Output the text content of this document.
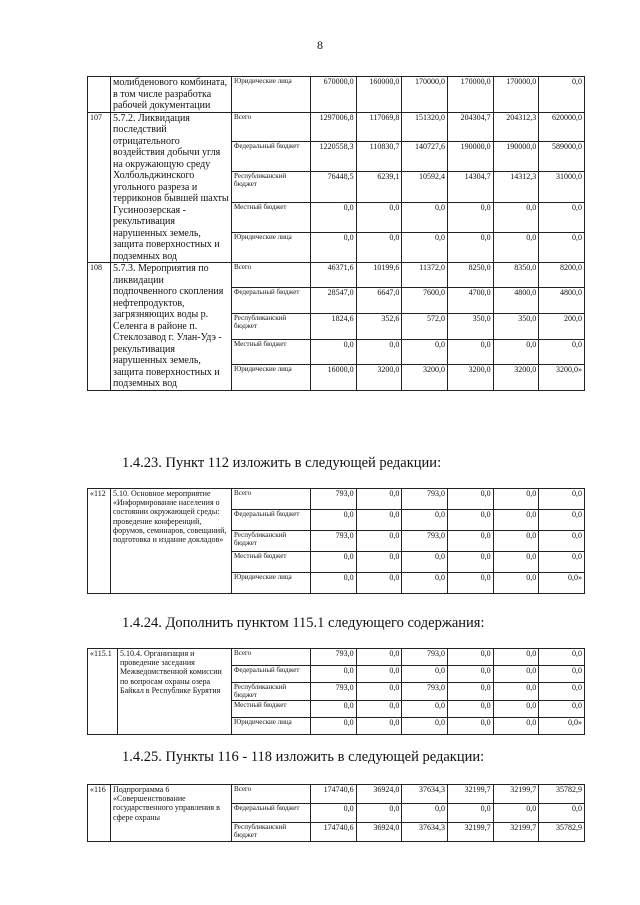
8
	молибденового комбината, в том числе разработка рабочей документации	Юридические лица	670000,0	160000,0	170000,0	170000,0	170000,0	0,0
107	5.7.2. Ликвидация последствий отрицательного воздействия добычи угля на окружающую среду Холбольджинского угольного разреза и терриконов бывшей шахты Гусиноозерская - рекультивация нарушенных земель, защита поверхностных и подземных вод	Всего	1297006,8	117069,8	151320,0	204304,7	204312,3	620000,0
		Федеральный бюджет	1220558,3	110830,7	140727,6	190000,0	190000,0	589000,0
		Республиканский бюджет	76448,5	6239,1	10592,4	14304,7	14312,3	31000,0
		Местный бюджет	0,0	0,0	0,0	0,0	0,0	0,0
		Юридические лица	0,0	0,0	0,0	0,0	0,0	0,0
108	5.7.3. Мероприятия по ликвидации подпочвенного скопления нефтепродуктов, загрязняющих воды р. Селенга в районе п. Стеклозавод г. Улан-Удэ - рекультивация нарушенных земель, защита поверхностных и подземных вод	Всего	46371,6	10199,6	11372,0	8250,0	8350,0	8200,0
		Федеральный бюджет	28547,0	6647,0	7600,0	4700,0	4800,0	4800,0
		Республиканский бюджет	1824,6	352,6	572,0	350,0	350,0	200,0
		Местный бюджет	0,0	0,0	0,0	0,0	0,0	0,0
		Юридические лица	16000,0	3200,0	3200,0	3200,0	3200,0	3200,0»
1.4.23. Пункт 112 изложить в следующей редакции:
«112	5.10. Основное мероприятие «Информирование населения о состоянии окружающей среды: проведение конференций, форумов, семинаров, совещаний, подготовка и издание докладов»	Всего	793,0	0,0	793,0	0,0	0,0	0,0
		Федеральный бюджет	0,0	0,0	0,0	0,0	0,0	0,0
		Республиканский бюджет	793,0	0,0	793,0	0,0	0,0	0,0
		Местный бюджет	0,0	0,0	0,0	0,0	0,0	0,0
		Юридические лица	0,0	0,0	0,0	0,0	0,0	0,0»
1.4.24. Дополнить пунктом 115.1 следующего содержания:
«115.1	5.10.4. Организация и проведение заседания Межведомственной комиссии по вопросам охраны озера Байкал в Республике Бурятия	Всего	793,0	0,0	793,0	0,0	0,0	0,0
		Федеральный бюджет	0,0	0,0	0,0	0,0	0,0	0,0
		Республиканский бюджет	793,0	0,0	793,0	0,0	0,0	0,0
		Местный бюджет	0,0	0,0	0,0	0,0	0,0	0,0
		Юридические лица	0,0	0,0	0,0	0,0	0,0	0,0»
1.4.25. Пункты 116 - 118 изложить в следующей редакции:
«116	Подпрограмма 6 «Совершенствование государственного управления в сфере охраны	Всего	174740,6	36924,0	37634,3	32199,7	32199,7	35782,9
		Федеральный бюджет	0,0	0,0	0,0	0,0	0,0	0,0
		Республиканский бюджет	174740,6	36924,0	37634,3	32199,7	32199,7	35782,9
